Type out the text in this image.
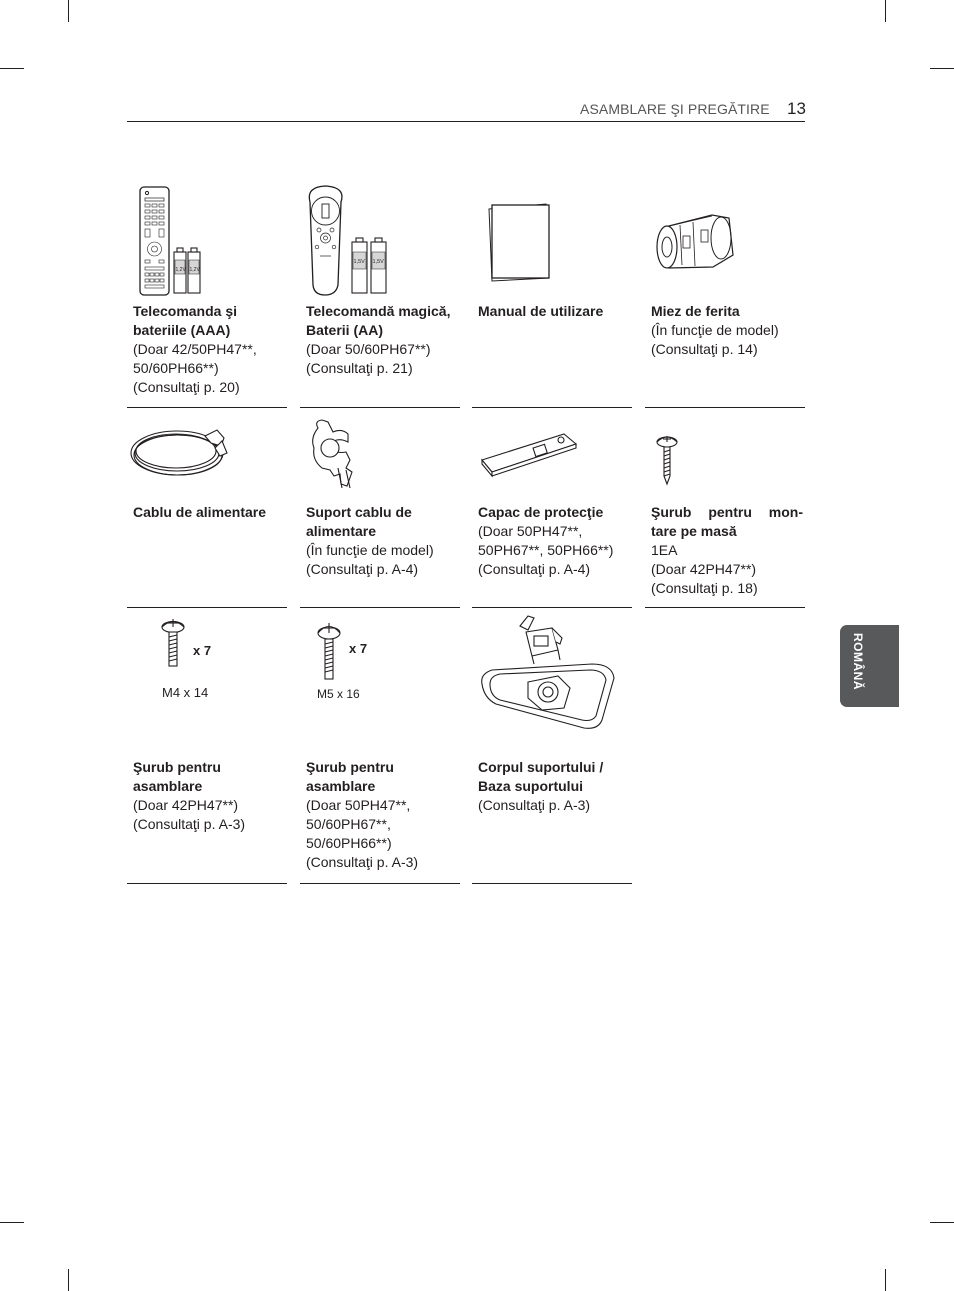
ASAMBLARE ŞI PREGĂTIRE 13
ROMÂNĂ
1,2V 1,2V
Telecomanda şi
bateriile (AAA)
(Doar 42/50PH47**,
50/60PH66**)
(Consultaţi p. 20)
1,5V 1,5V
Telecomandă magică,
Baterii (AA)
(Doar 50/60PH67**)
(Consultaţi p. 21)
Manual de utilizare	Miez de ferita
(În funcţie de model)
(Consultaţi p. 14)
Cablu de alimentare	Suport cablu de
alimentare
(În funcţie de model)
(Consultaţi p. A-4)
Capac de protecţie
(Doar 50PH47**,
50PH67**, 50PH66**)
(Consultaţi p. A-4)
Şurub pentru mon-
tare pe masă
1EA
(Doar 42PH47**)
(Consultaţi p. 18)
x 7
M4 x 14
Şurub pentru
asamblare
(Doar 42PH47**)
(Consultaţi p. A-3)
x 7
M5 x 16
Şurub pentru
asamblare
(Doar 50PH47**,
50/60PH67**,
50/60PH66**)
(Consultaţi p. A-3)
Corpul suportului /
Baza suportului
(Consultaţi p. A-3)
